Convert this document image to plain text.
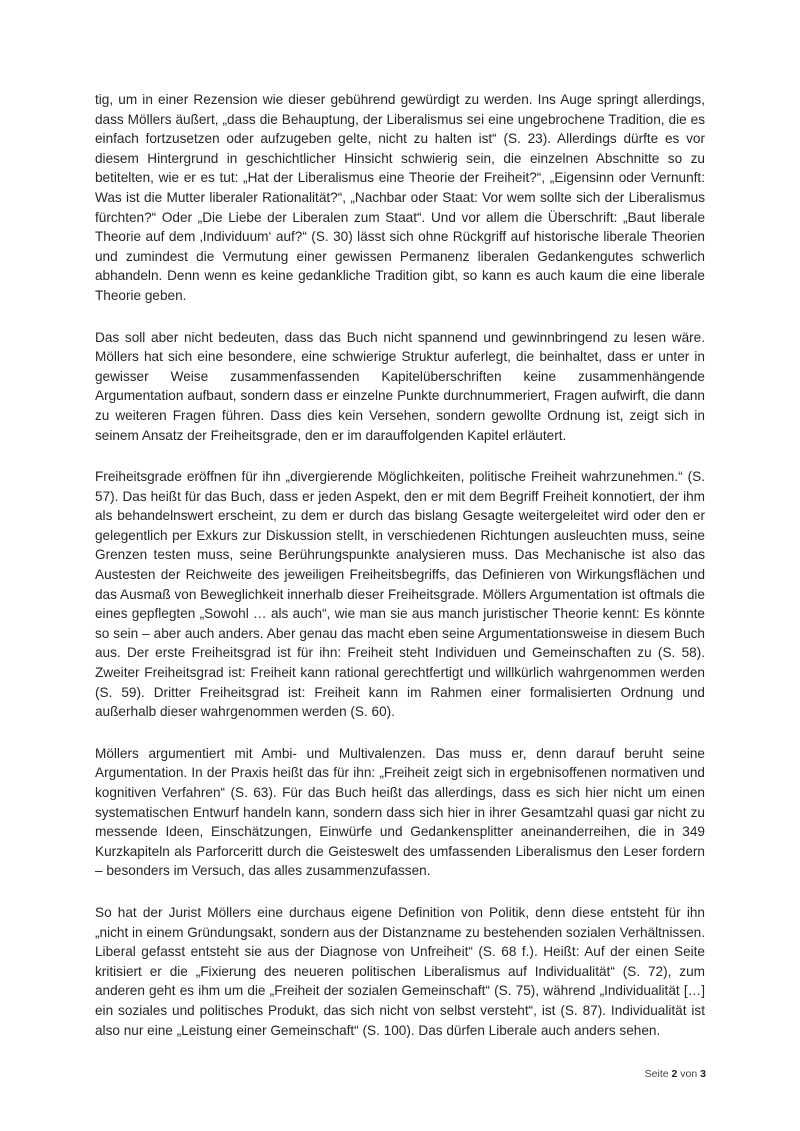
tig, um in einer Rezension wie dieser gebührend gewürdigt zu werden. Ins Auge springt allerdings, dass Möllers äußert, „dass die Behauptung, der Liberalismus sei eine ungebrochene Tradition, die es einfach fortzusetzen oder aufzugeben gelte, nicht zu halten ist“ (S. 23). Allerdings dürfte es vor diesem Hintergrund in geschichtlicher Hinsicht schwierig sein, die einzelnen Abschnitte so zu betitelten, wie er es tut: „Hat der Liberalismus eine Theorie der Freiheit?“, „Eigensinn oder Vernunft: Was ist die Mutter liberaler Rationalität?“, „Nachbar oder Staat: Vor wem sollte sich der Liberalismus fürchten?“ Oder „Die Liebe der Liberalen zum Staat“. Und vor allem die Überschrift: „Baut liberale Theorie auf dem ‚Individuum‘ auf?“ (S. 30) lässt sich ohne Rückgriff auf historische liberale Theorien und zumindest die Vermutung einer gewissen Permanenz liberalen Gedankengutes schwerlich abhandeln. Denn wenn es keine gedankliche Tradition gibt, so kann es auch kaum die eine liberale Theorie geben.

Das soll aber nicht bedeuten, dass das Buch nicht spannend und gewinnbringend zu lesen wäre. Möllers hat sich eine besondere, eine schwierige Struktur auferlegt, die beinhaltet, dass er unter in gewisser Weise zusammenfassenden Kapitelüberschriften keine zusammenhängende Argumentation aufbaut, sondern dass er einzelne Punkte durchnummeriert, Fragen aufwirft, die dann zu weiteren Fragen führen. Dass dies kein Versehen, sondern gewollte Ordnung ist, zeigt sich in seinem Ansatz der Freiheitsgrade, den er im darauffolgenden Kapitel erläutert.

Freiheitsgrade eröffnen für ihn „divergierende Möglichkeiten, politische Freiheit wahrzunehmen.“ (S. 57). Das heißt für das Buch, dass er jeden Aspekt, den er mit dem Begriff Freiheit konnotiert, der ihm als behandelnswert erscheint, zu dem er durch das bislang Gesagte weitergeleitet wird oder den er gelegentlich per Exkurs zur Diskussion stellt, in verschiedenen Richtungen ausleuchten muss, seine Grenzen testen muss, seine Berührungspunkte analysieren muss. Das Mechanische ist also das Austesten der Reichweite des jeweiligen Freiheitsbegriffs, das Definieren von Wirkungsflächen und das Ausmaß von Beweglichkeit innerhalb dieser Freiheitsgrade. Möllers Argumentation ist oftmals die eines gepflegten „Sowohl … als auch“, wie man sie aus manch juristischer Theorie kennt: Es könnte so sein – aber auch anders. Aber genau das macht eben seine Argumentationsweise in diesem Buch aus. Der erste Freiheitsgrad ist für ihn: Freiheit steht Individuen und Gemeinschaften zu (S. 58). Zweiter Freiheitsgrad ist: Freiheit kann rational gerechtfertigt und willkürlich wahrgenommen werden (S. 59). Dritter Freiheitsgrad ist: Freiheit kann im Rahmen einer formalisierten Ordnung und außerhalb dieser wahrgenommen werden (S. 60).

Möllers argumentiert mit Ambi- und Multivalenzen. Das muss er, denn darauf beruht seine Argumentation. In der Praxis heißt das für ihn: „Freiheit zeigt sich in ergebnisoffenen normativen und kognitiven Verfahren“ (S. 63). Für das Buch heißt das allerdings, dass es sich hier nicht um einen systematischen Entwurf handeln kann, sondern dass sich hier in ihrer Gesamtzahl quasi gar nicht zu messende Ideen, Einschätzungen, Einwürfe und Gedankensplitter aneinanderreihen, die in 349 Kurzkapiteln als Parforceritt durch die Geisteswelt des umfassenden Liberalismus den Leser fordern – besonders im Versuch, das alles zusammenzufassen.

So hat der Jurist Möllers eine durchaus eigene Definition von Politik, denn diese entsteht für ihn „nicht in einem Gründungsakt, sondern aus der Distanzname zu bestehenden sozialen Verhältnissen. Liberal gefasst entsteht sie aus der Diagnose von Unfreiheit“ (S. 68 f.). Heißt: Auf der einen Seite kritisiert er die „Fixierung des neueren politischen Liberalismus auf Individualität“ (S. 72), zum anderen geht es ihm um die „Freiheit der sozialen Gemeinschaft“ (S. 75), während „Individualität […] ein soziales und politisches Produkt, das sich nicht von selbst versteht“, ist (S. 87). Individualität ist also nur eine „Leistung einer Gemeinschaft“ (S. 100). Das dürfen Liberale auch anders sehen.

Seite 2 von 3
